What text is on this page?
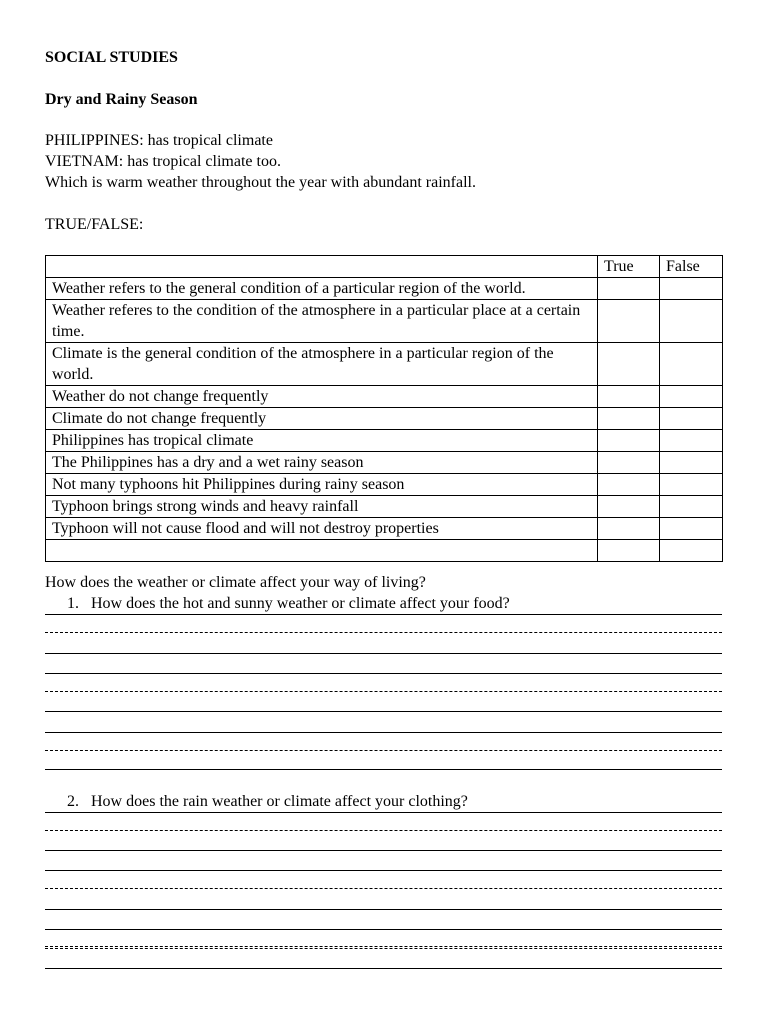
SOCIAL STUDIES
Dry and Rainy Season
PHILIPPINES: has tropical climate
VIETNAM: has tropical climate too.
Which is warm weather throughout the year with abundant rainfall.
TRUE/FALSE:
	True	False
Weather refers to the general condition of a particular region of the world.		
Weather referes to the condition of the atmosphere in a particular place at a certain time.		
Climate is the general condition of the atmosphere in a particular region of the world.		
Weather do not change frequently		
Climate do not change frequently		
Philippines has tropical climate		
The Philippines has a dry and a wet rainy season		
Not many typhoons hit Philippines during rainy season		
Typhoon brings strong winds and heavy rainfall		
Typhoon will not cause flood and will not destroy properties		

How does the weather or climate affect your way of living?
1. How does the hot and sunny weather or climate affect your food?
2. How does the rain weather or climate affect your clothing?
